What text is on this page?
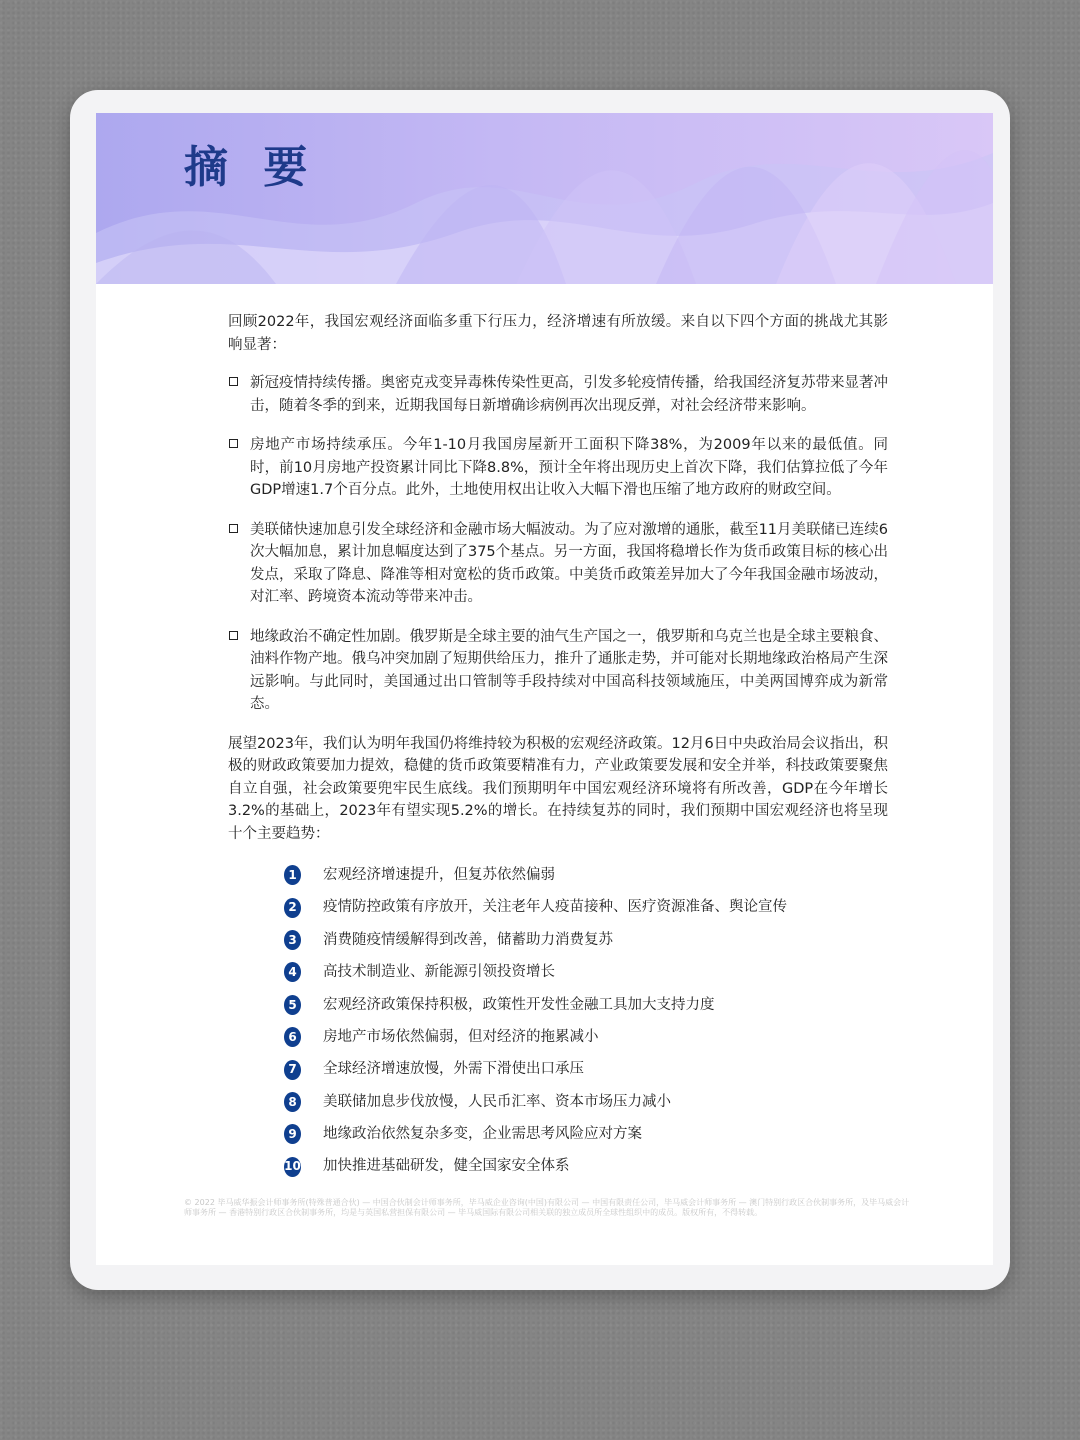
摘 要

回顾2022年，我国宏观经济面临多重下行压力，经济增速有所放缓。来自以下四个方面的挑战尤其影响显著：

新冠疫情持续传播。奥密克戎变异毒株传染性更高，引发多轮疫情传播，给我国经济复苏带来显著冲击，随着冬季的到来，近期我国每日新增确诊病例再次出现反弹，对社会经济带来影响。

房地产市场持续承压。今年1-10月我国房屋新开工面积下降38%，为2009年以来的最低值。同时，前10月房地产投资累计同比下降8.8%，预计全年将出现历史上首次下降，我们估算拉低了今年GDP增速1.7个百分点。此外，土地使用权出让收入大幅下滑也压缩了地方政府的财政空间。

美联储快速加息引发全球经济和金融市场大幅波动。为了应对激增的通胀，截至11月美联储已连续6次大幅加息，累计加息幅度达到了375个基点。另一方面，我国将稳增长作为货币政策目标的核心出发点，采取了降息、降准等相对宽松的货币政策。中美货币政策差异加大了今年我国金融市场波动，对汇率、跨境资本流动等带来冲击。

地缘政治不确定性加剧。俄罗斯是全球主要的油气生产国之一，俄罗斯和乌克兰也是全球主要粮食、油料作物产地。俄乌冲突加剧了短期供给压力，推升了通胀走势，并可能对长期地缘政治格局产生深远影响。与此同时，美国通过出口管制等手段持续对中国高科技领域施压，中美两国博弈成为新常态。

展望2023年，我们认为明年我国仍将维持较为积极的宏观经济政策。12月6日中央政治局会议指出，积极的财政政策要加力提效，稳健的货币政策要精准有力，产业政策要发展和安全并举，科技政策要聚焦自立自强，社会政策要兜牢民生底线。我们预期明年中国宏观经济环境将有所改善，GDP在今年增长3.2%的基础上，2023年有望实现5.2%的增长。在持续复苏的同时，我们预期中国宏观经济也将呈现十个主要趋势：

1 宏观经济增速提升，但复苏依然偏弱
2 疫情防控政策有序放开，关注老年人疫苗接种、医疗资源准备、舆论宣传
3 消费随疫情缓解得到改善，储蓄助力消费复苏
4 高技术制造业、新能源引领投资增长
5 宏观经济政策保持积极，政策性开发性金融工具加大支持力度
6 房地产市场依然偏弱，但对经济的拖累减小
7 全球经济增速放慢，外需下滑使出口承压
8 美联储加息步伐放慢，人民币汇率、资本市场压力减小
9 地缘政治依然复杂多变，企业需思考风险应对方案
10 加快推进基础研发，健全国家安全体系

© 2022 毕马威华振会计师事务所(特殊普通合伙) — 中国合伙制会计师事务所，毕马威企业咨询(中国)有限公司 — 中国有限责任公司，毕马威会计师事务所 — 澳门特别行政区合伙制事务所，及毕马威会计师事务所 — 香港特别行政区合伙制事务所，均是与英国私营担保有限公司 — 毕马威国际有限公司相关联的独立成员所全球性组织中的成员。版权所有，不得转载。
